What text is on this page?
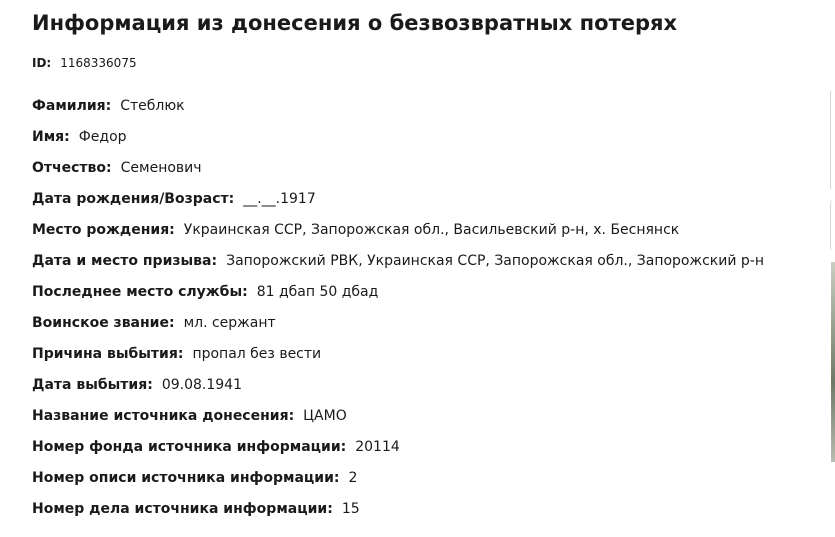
Информация из донесения о безвозвратных потерях
ID: 1168336075
Фамилия: Стеблюк
Имя: Федор
Отчество: Семенович
Дата рождения/Возраст: __.__.1917
Место рождения: Украинская ССР, Запорожская обл., Васильевский р-н, х. Беснянск
Дата и место призыва: Запорожский РВК, Украинская ССР, Запорожская обл., Запорожский р-н
Последнее место службы: 81 дбап 50 дбад
Воинское звание: мл. сержант
Причина выбытия: пропал без вести
Дата выбытия: 09.08.1941
Название источника донесения: ЦАМО
Номер фонда источника информации: 20114
Номер описи источника информации: 2
Номер дела источника информации: 15
